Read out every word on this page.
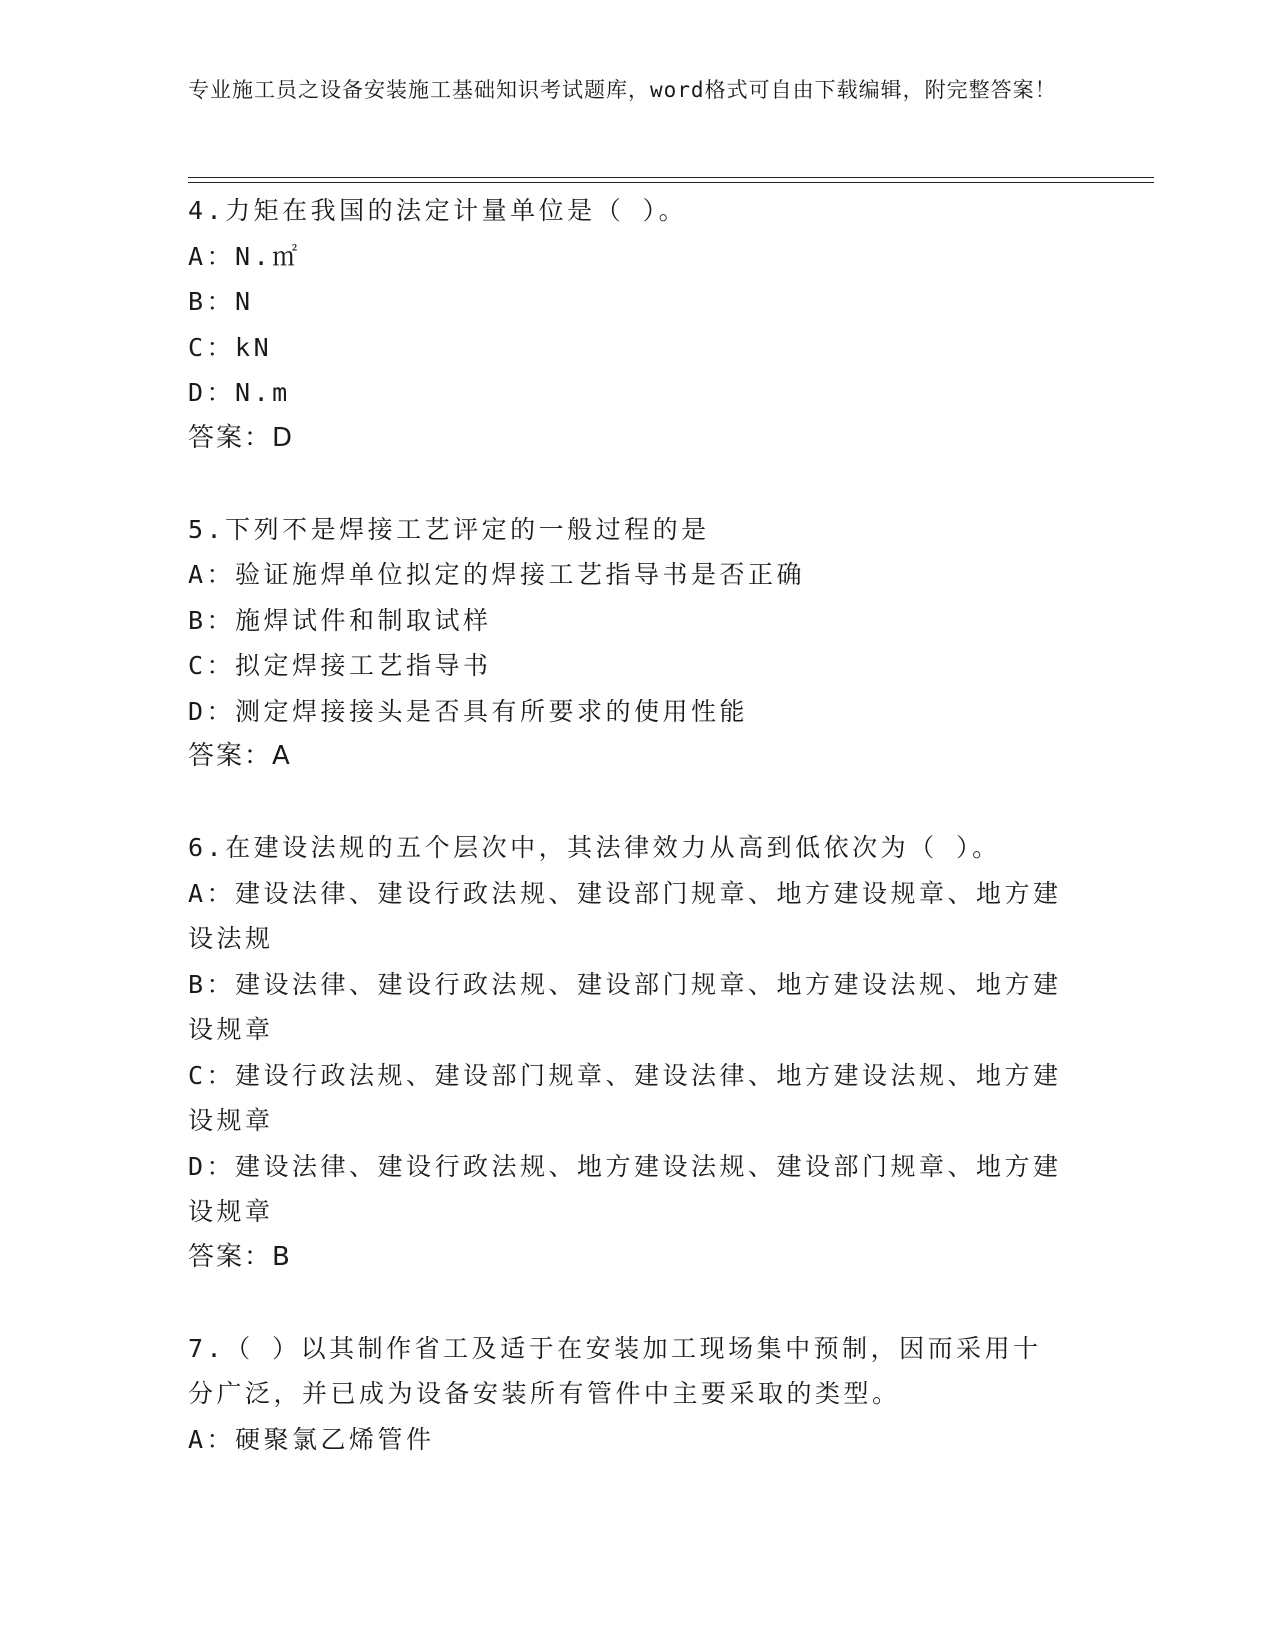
专业施工员之设备安装施工基础知识考试题库，word格式可自由下载编辑，附完整答案！

4.力矩在我国的法定计量单位是（ ）。

A：N.㎡

B：N

C：kN

D：N.m

答案：D

5.下列不是焊接工艺评定的一般过程的是

A：验证施焊单位拟定的焊接工艺指导书是否正确

B：施焊试件和制取试样

C：拟定焊接工艺指导书

D：测定焊接接头是否具有所要求的使用性能

答案：A

6.在建设法规的五个层次中，其法律效力从高到低依次为（ ）。

A：建设法律、建设行政法规、建设部门规章、地方建设规章、地方建设法规

B：建设法律、建设行政法规、建设部门规章、地方建设法规、地方建设规章

C：建设行政法规、建设部门规章、建设法律、地方建设法规、地方建设规章

D：建设法律、建设行政法规、地方建设法规、建设部门规章、地方建设规章

答案：B

7.（ ）以其制作省工及适于在安装加工现场集中预制，因而采用十分广泛，并已成为设备安装所有管件中主要采取的类型。

A：硬聚氯乙烯管件
